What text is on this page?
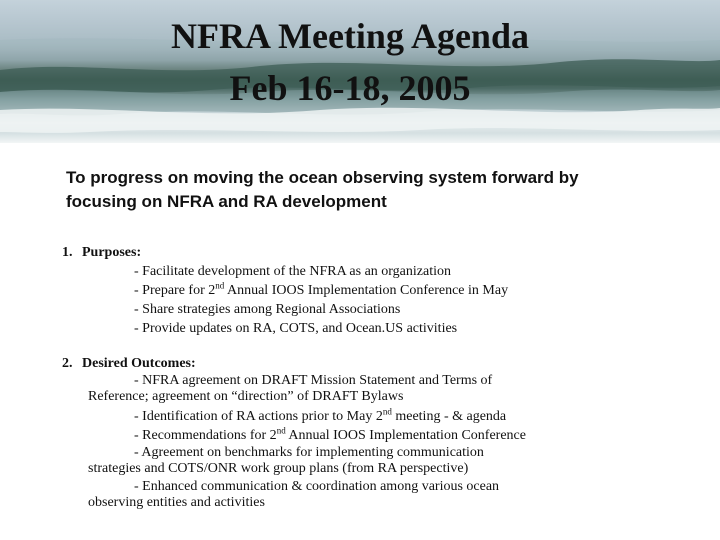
NFRA Meeting Agenda
Feb 16-18, 2005
To progress on moving the ocean observing system forward by
focusing on NFRA and RA development
1. Purposes:
- Facilitate development of the NFRA as an organization
- Prepare for 2nd Annual IOOS Implementation Conference in May
- Share strategies among Regional Associations
- Provide updates on RA, COTS, and Ocean.US activities
2. Desired Outcomes:
- NFRA agreement on DRAFT Mission Statement and Terms of
Reference; agreement on “direction” of DRAFT Bylaws
- Identification of RA actions prior to May 2nd meeting - & agenda
- Recommendations for 2nd Annual IOOS Implementation Conference
- Agreement on benchmarks for implementing communication
strategies and COTS/ONR work group plans (from RA perspective)
- Enhanced communication & coordination among various ocean
observing entities and activities
